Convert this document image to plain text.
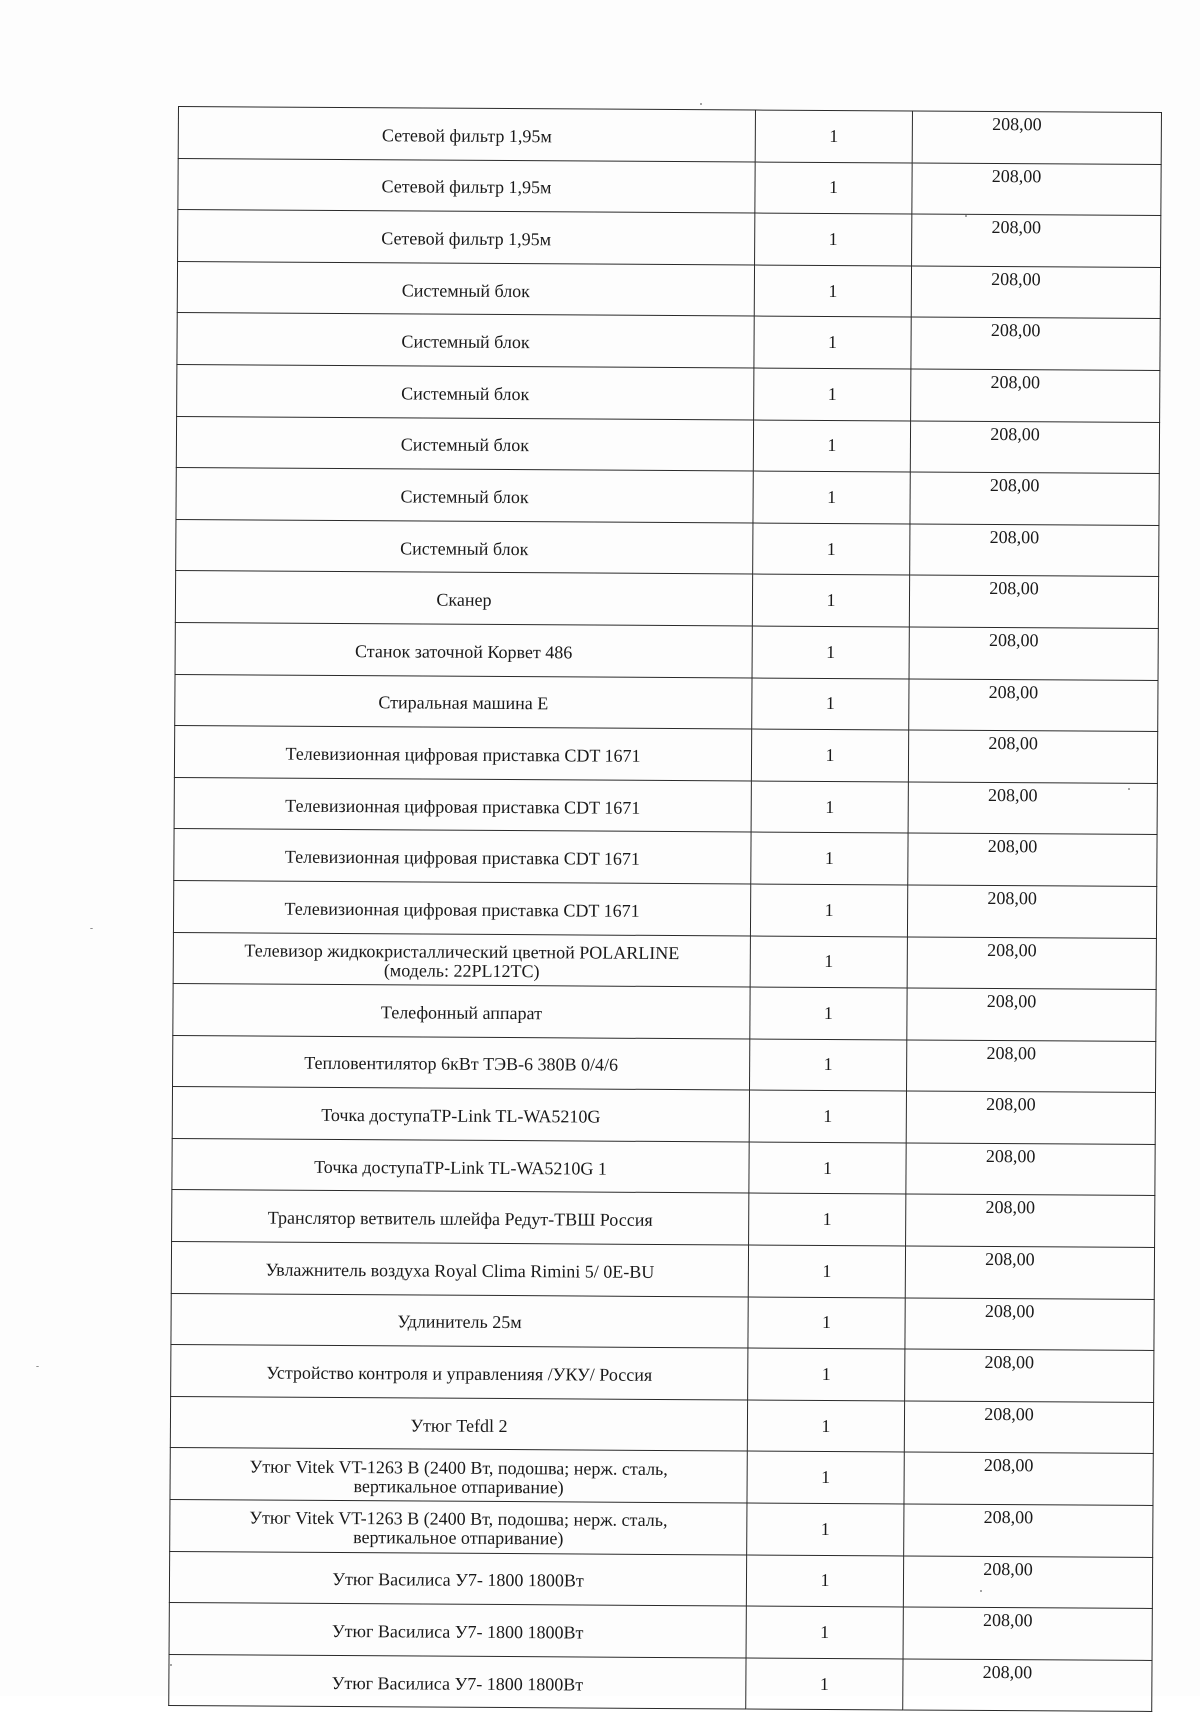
Сетевой фильтр 1,95м	1	208,00
Сетевой фильтр 1,95м	1	208,00
Сетевой фильтр 1,95м	1	208,00
Системный блок	1	208,00
Системный блок	1	208,00
Системный блок	1	208,00
Системный блок	1	208,00
Системный блок	1	208,00
Системный блок	1	208,00
Сканер	1	208,00
Станок заточной Корвет 486	1	208,00
Стиральная машина Е	1	208,00
Телевизионная цифровая приставка CDT 1671	1	208,00
Телевизионная цифровая приставка CDT 1671	1	208,00
Телевизионная цифровая приставка CDT 1671	1	208,00
Телевизионная цифровая приставка CDT 1671	1	208,00
Телевизор жидкокристаллический цветной POLARLINE
(модель: 22PL12TC)	1	208,00
Телефонный аппарат	1	208,00
Тепловентилятор 6кВт ТЭВ-6 380В 0/4/6	1	208,00
Точка доступаTP-Link TL-WA5210G	1	208,00
Точка доступаTP-Link TL-WA5210G 1	1	208,00
Транслятор ветвитель шлейфа Редут-ТВШ Россия	1	208,00
Увлажнитель воздуха Royal Clima Rimini 5/ 0E-BU	1	208,00
Удлинитель 25м	1	208,00
Устройство контроля и управленияя /УКУ/ Россия	1	208,00
Утюг Tefdl 2	1	208,00
Утюг Vitek VT-1263 B (2400 Вт, подошва; нерж. сталь,
вертикальное отпаривание)	1	208,00
Утюг Vitek VT-1263 B (2400 Вт, подошва; нерж. сталь,
вертикальное отпаривание)	1	208,00
Утюг Василиса У7- 1800 1800Вт	1	208,00
Утюг Василиса У7- 1800 1800Вт	1	208,00
Утюг Василиса У7- 1800 1800Вт	1	208,00
